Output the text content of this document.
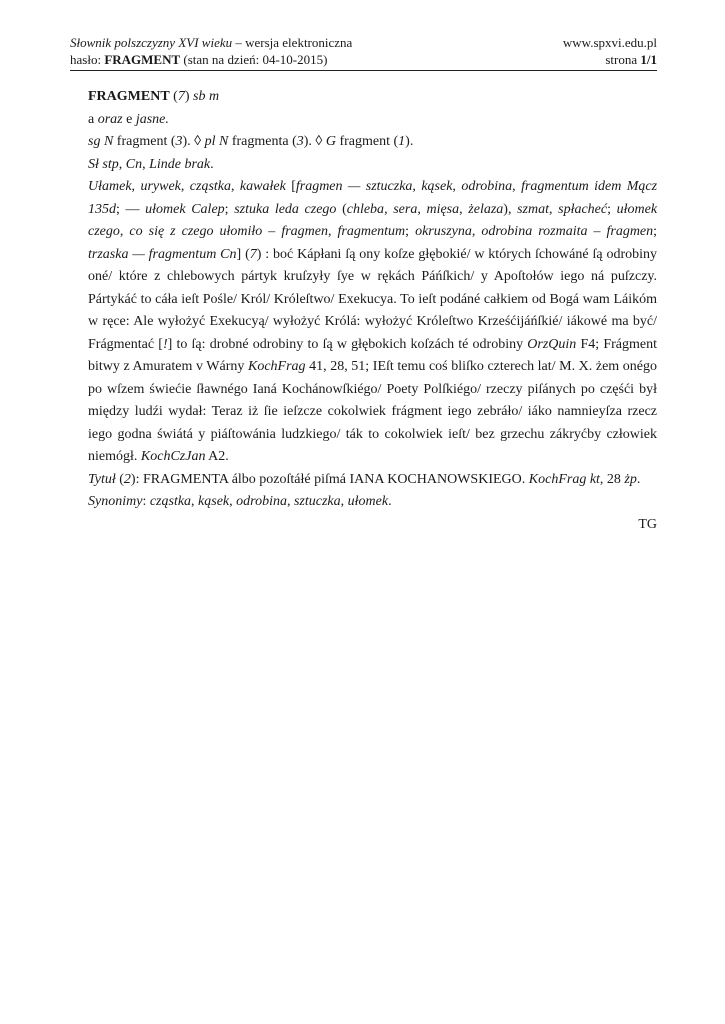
Słownik polszczyzny XVI wieku – wersja elektroniczna	www.spxvi.edu.pl
hasło: FRAGMENT (stan na dzień: 04-10-2015)	strona 1/1

FRAGMENT (7) sb m

a oraz e jasne.

sg N fragment (3). ◊ pl N fragmenta (3). ◊ G fragment (1).

Sł stp, Cn, Linde brak.

Ułamek, urywek, cząstka, kawałek [fragmen — sztuczka, kąsek, odrobina, fragmentum idem Mącz 135d; — ułomek Calep; sztuka leda czego (chleba, sera, mięsa, żelaza), szmat, spłacheć; ułomek czego, co się z czego ułomiło – fragmen, fragmentum; okruszyna, odrobina rozmaita – fragmen; trzaska — fragmentum Cn] (7) : boć Kápłani ſą ony koſze głębokié/ w których ſchowáné ſą odrobiny oné/ które z chlebowych pártyk kruſzyły ſye w rękách Páńſkich/ y Apoſtołów iego ná puſzczy. Pártykáć to cáła ieſt Pośle/ Król/ Króleſtwo/ Exekucya. To ieſt podáné całkiem od Bogá wam Láikóm w ręce: Ale wyłożyć Exekucyą/ wyłożyć Królá: wyłożyć Króleſtwo Krześćijáńſkié/ iákowé ma być/ Frágmentać [!] to ſą: drobné odrobiny to ſą w głębokich koſzách té odrobiny OrzQuin F4; Frágment bitwy z Amuratem v Wárny KochFrag 41, 28, 51; IEſt temu coś bliſko czterech lat/ M. X. żem onégo po wſzem świećie ſławnégo Ianá Kochánowſkiégo/ Poety Polſkiégo/ rzeczy piſánych po częśći był między ludźi wydał: Teraz iż ſie ieſzcze cokolwiek frágment iego zebráło/ iáko namnieyſza rzecz iego godna świátá y piáſtowánia ludzkiego/ ták to cokolwiek ieſt/ bez grzechu zákryćby człowiek niemógł. KochCzJan A2.

Tytuł (2): FRAGMENTA álbo pozoſtáłé piſmá IANA KOCHANOWSKIEGO. KochFrag kt, 28 żp.

Synonimy: cząstka, kąsek, odrobina, sztuczka, ułomek.

TG
